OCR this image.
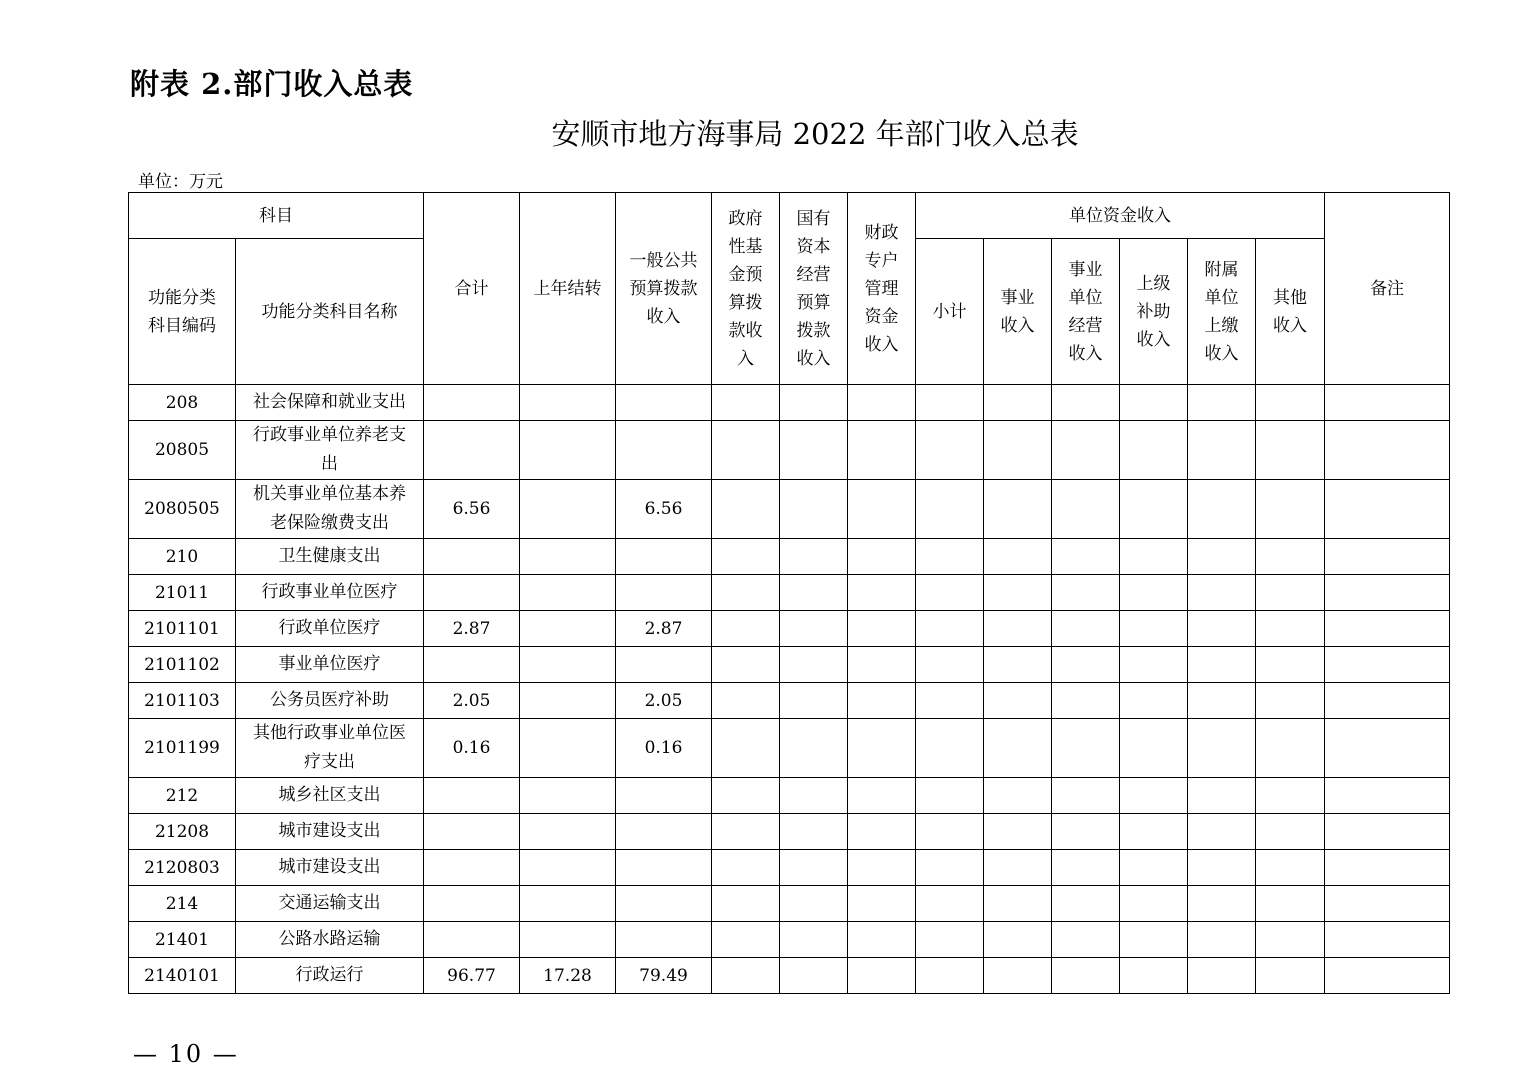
附表 2.部门收入总表
安顺市地方海事局 2022 年部门收入总表
单位：万元
科目		合计	上年结转	一般公共预算拨款收入	政府性基金预算拨款收入	国有资本经营预算拨款收入	财政专户管理资金收入	单位资金收入						备注
功能分类科目编码	功能分类科目名称							小计	事业收入	事业单位经营收入	上级补助收入	附属单位上缴收入	其他收入	
208	社会保障和就业支出													
20805	行政事业单位养老支出													
2080505	机关事业单位基本养老保险缴费支出	6.56		6.56										
210	卫生健康支出													
21011	行政事业单位医疗													
2101101	行政单位医疗	2.87		2.87										
2101102	事业单位医疗													
2101103	公务员医疗补助	2.05		2.05										
2101199	其他行政事业单位医疗支出	0.16		0.16										
212	城乡社区支出													
21208	城市建设支出													
2120803	城市建设支出													
214	交通运输支出													
21401	公路水路运输													
2140101	行政运行	96.77	17.28	79.49										
— 10 —
